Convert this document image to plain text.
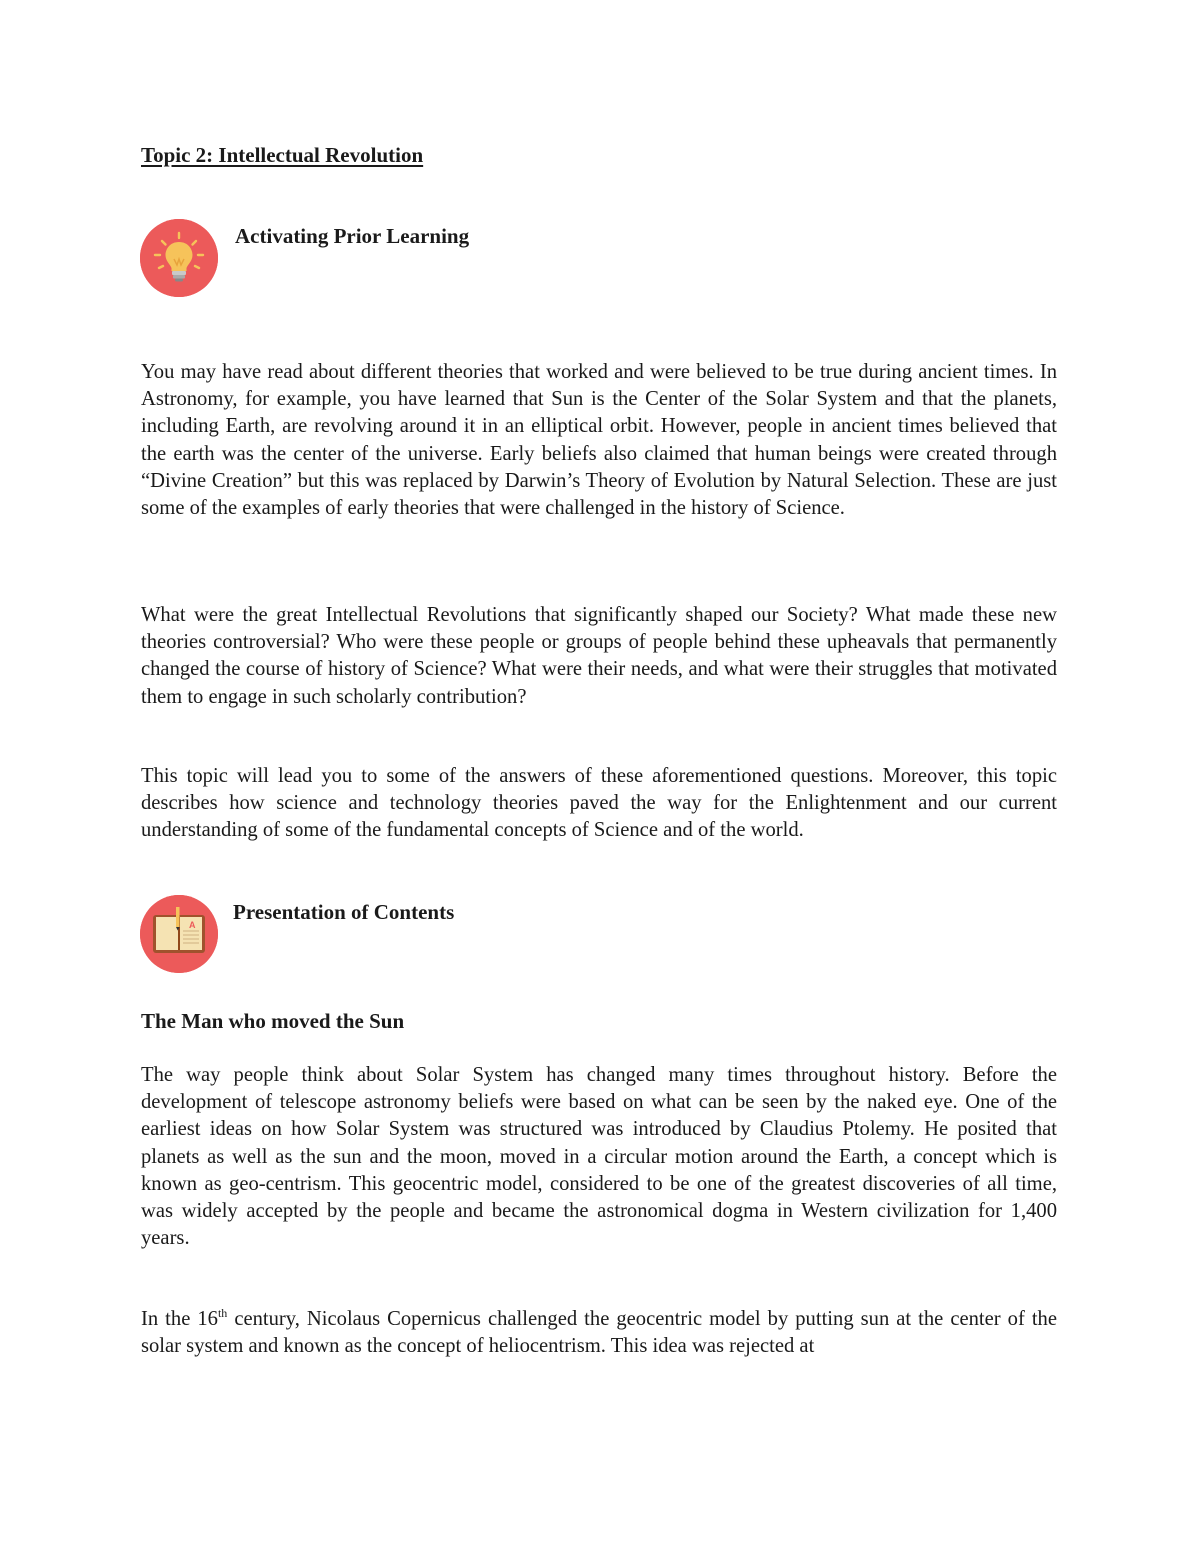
Topic 2: Intellectual Revolution
Activating Prior Learning

You may have read about different theories that worked and were believed to be true during ancient times. In Astronomy, for example, you have learned that Sun is the Center of the Solar System and that the planets, including Earth, are revolving around it in an elliptical orbit. However, people in ancient times believed that the earth was the center of the universe. Early beliefs also claimed that human beings were created through “Divine Creation” but this was replaced by Darwin’s Theory of Evolution by Natural Selection. These are just some of the examples of early theories that were challenged in the history of Science.

What were the great Intellectual Revolutions that significantly shaped our Society? What made these new theories controversial? Who were these people or groups of people behind these upheavals that permanently changed the course of history of Science? What were their needs, and what were their struggles that motivated them to engage in such scholarly contribution?

This topic will lead you to some of the answers of these aforementioned questions. Moreover, this topic describes how science and technology theories paved the way for the Enlightenment and our current understanding of some of the fundamental concepts of Science and of the world.

A
Presentation of Contents
The Man who moved the Sun

The way people think about Solar System has changed many times throughout history. Before the development of telescope astronomy beliefs were based on what can be seen by the naked eye. One of the earliest ideas on how Solar System was structured was introduced by Claudius Ptolemy. He posited that planets as well as the sun and the moon, moved in a circular motion around the Earth, a concept which is known as geo-centrism. This geocentric model, considered to be one of the greatest discoveries of all time, was widely accepted by the people and became the astronomical dogma in Western civilization for 1,400 years.

In the 16th century, Nicolaus Copernicus challenged the geocentric model by putting sun at the center of the solar system and known as the concept of heliocentrism. This idea was rejected at
